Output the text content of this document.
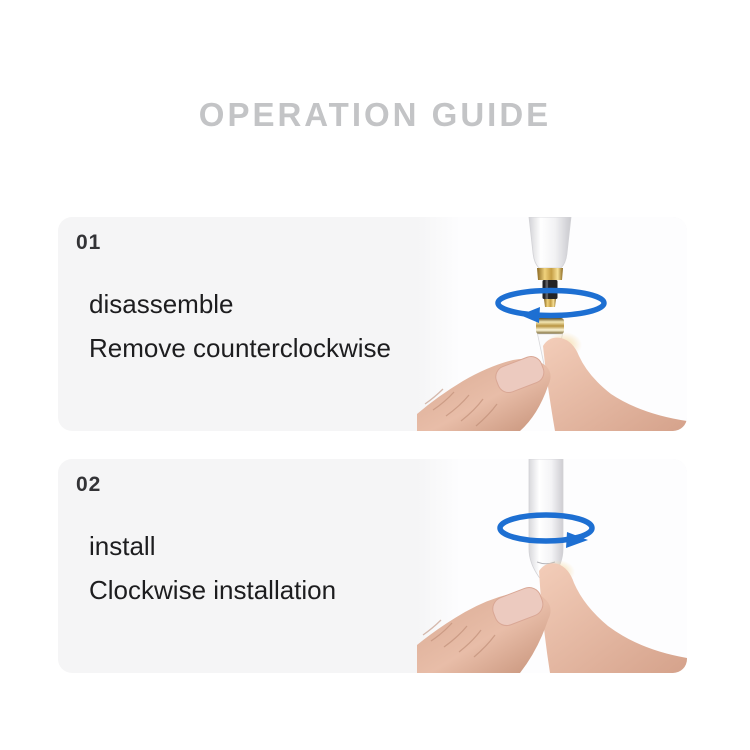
OPERATION GUIDE
01
disassemble
Remove counterclockwise
02
install
Clockwise installation
